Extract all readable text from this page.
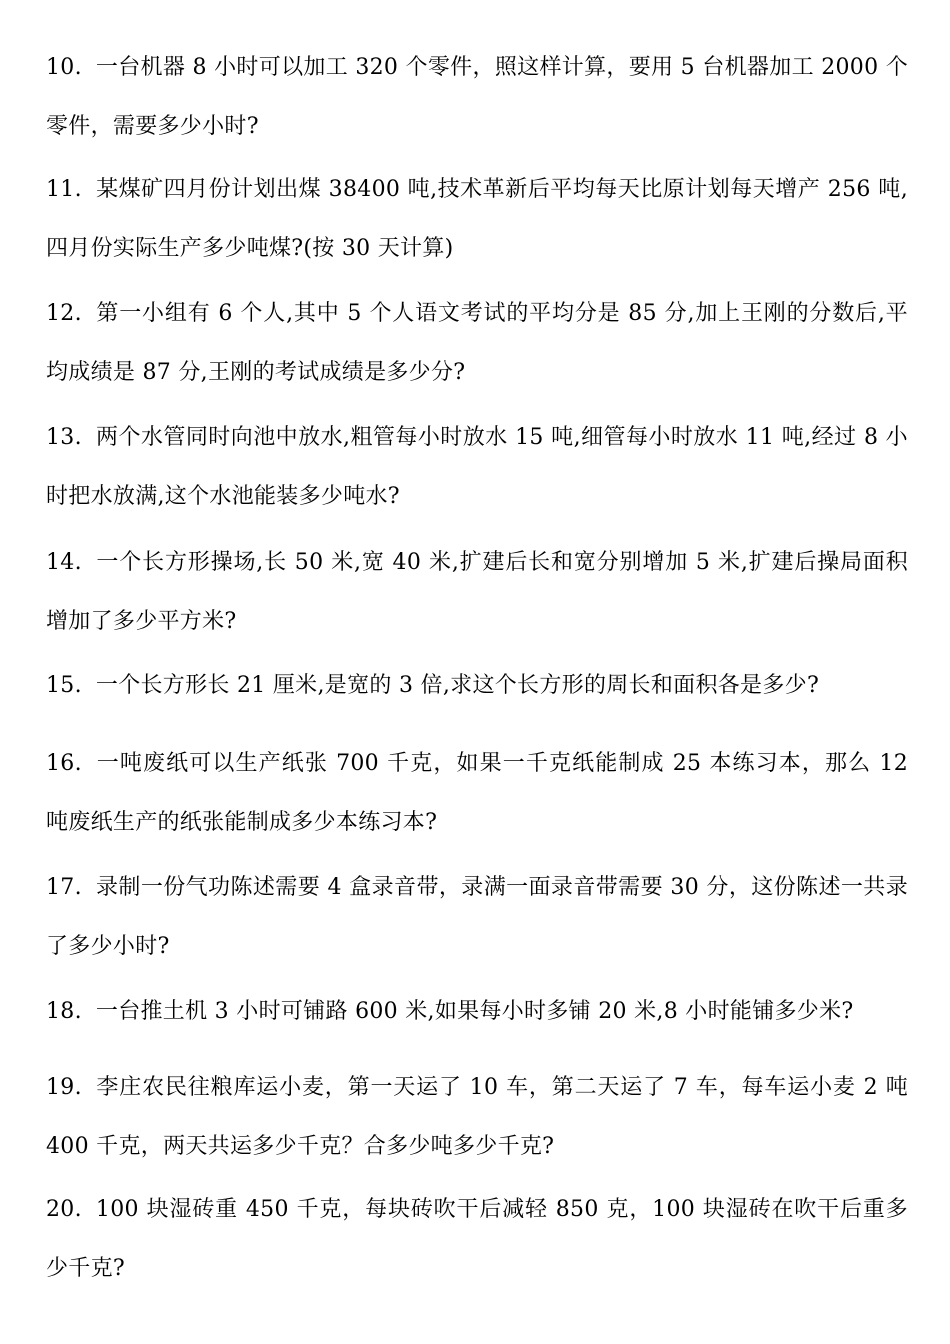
10. 一台机器 8 小时可以加工 320 个零件，照这样计算，要用 5 台机器加工 2000 个零件，需要多少小时?

11. 某煤矿四月份计划出煤 38400 吨,技术革新后平均每天比原计划每天增产 256 吨,四月份实际生产多少吨煤?(按 30 天计算)

12. 第一小组有 6 个人,其中 5 个人语文考试的平均分是 85 分,加上王刚的分数后,平均成绩是 87 分,王刚的考试成绩是多少分?

13. 两个水管同时向池中放水,粗管每小时放水 15 吨,细管每小时放水 11 吨,经过 8 小时把水放满,这个水池能装多少吨水?

14. 一个长方形操场,长 50 米,宽 40 米,扩建后长和宽分别增加 5 米,扩建后操局面积增加了多少平方米?

15. 一个长方形长 21 厘米,是宽的 3 倍,求这个长方形的周长和面积各是多少?

16. 一吨废纸可以生产纸张 700 千克，如果一千克纸能制成 25 本练习本，那么 12 吨废纸生产的纸张能制成多少本练习本?

17. 录制一份气功陈述需要 4 盒录音带，录满一面录音带需要 30 分，这份陈述一共录了多少小时?

18. 一台推土机 3 小时可铺路 600 米,如果每小时多铺 20 米,8 小时能铺多少米?

19. 李庄农民往粮库运小麦，第一天运了 10 车，第二天运了 7 车，每车运小麦 2 吨 400 千克，两天共运多少千克？合多少吨多少千克?

20. 100 块湿砖重 450 千克，每块砖吹干后减轻 850 克，100 块湿砖在吹干后重多少千克?
